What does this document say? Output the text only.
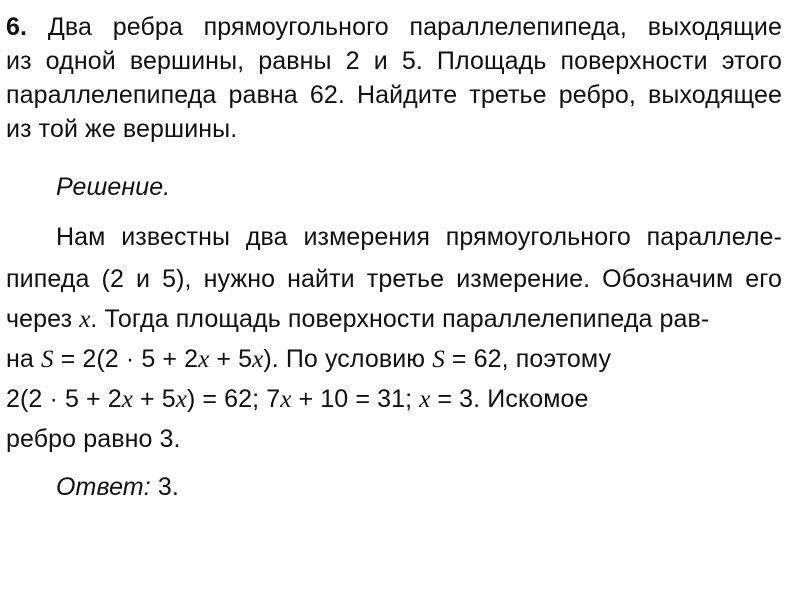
6. Два ребра прямоугольного параллелепипеда, выходящие
из одной вершины, равны 2 и 5. Площадь поверхности этого
параллелепипеда равна 62. Найдите третье ребро, выходящее
из той же вершины.
Решение.
Нам известны два измерения прямоугольного параллеле-
пипеда (2 и 5), нужно найти третье измерение. Обозначим его
через x. Тогда площадь поверхности параллелепипеда рав-
на S = 2(2 · 5 + 2x + 5x). По условию S = 62, поэтому
2(2 · 5 + 2x + 5x) = 62; 7x + 10 = 31; x = 3. Искомое
ребро равно 3.
Ответ: 3.
